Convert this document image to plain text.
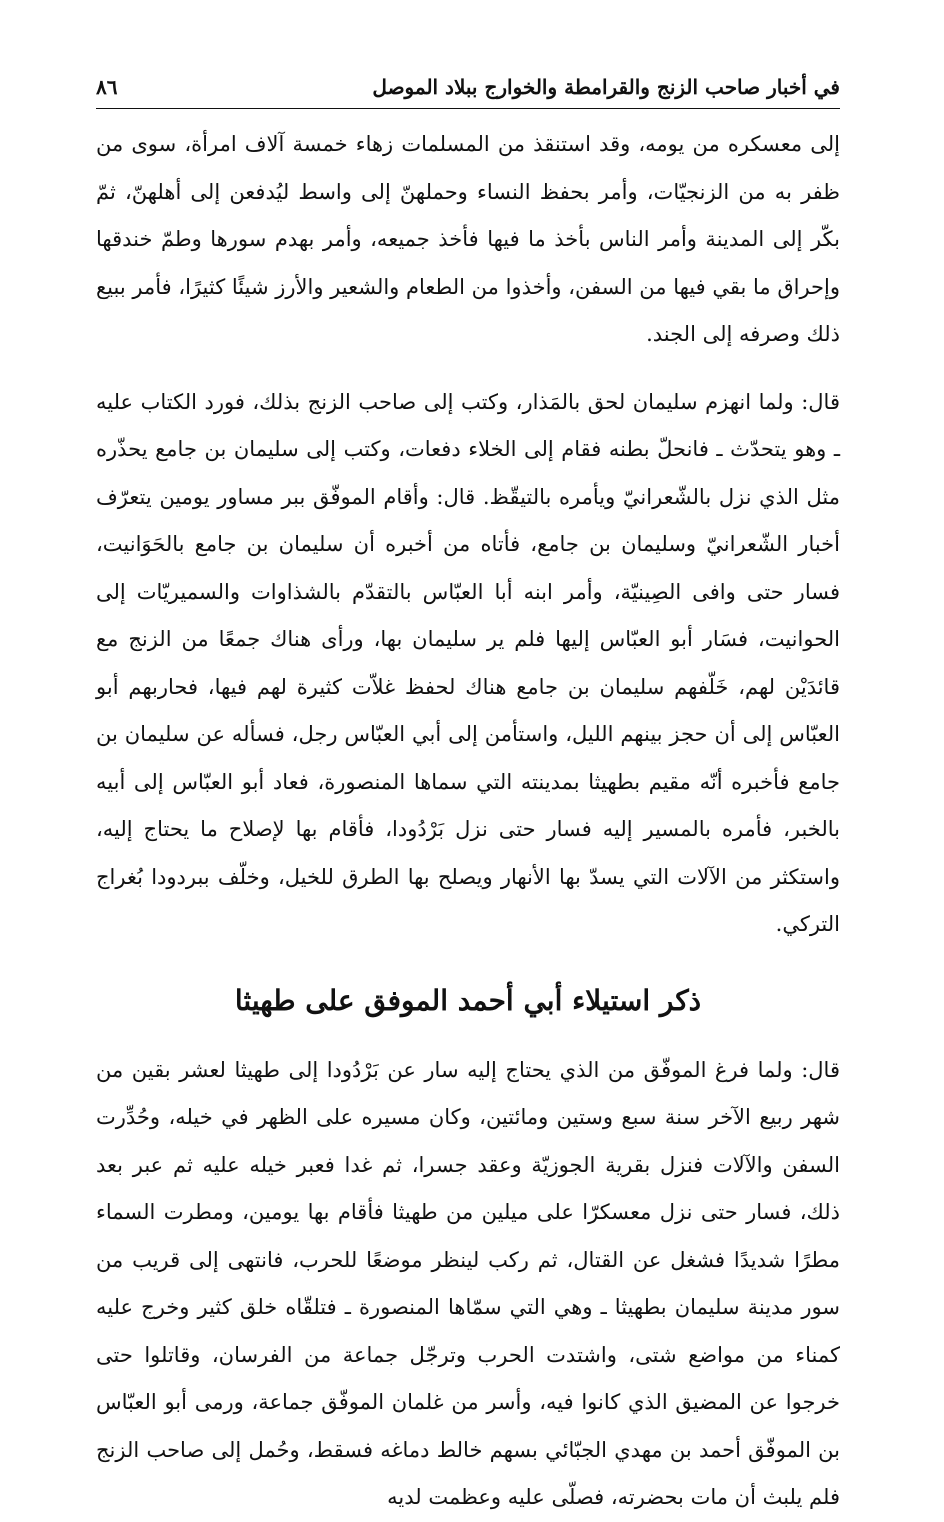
في أخبار صاحب الزنج والقرامطة والخوارج ببلاد الموصل
٨٦

إلى معسكره من يومه، وقد استنقذ من المسلمات زهاء خمسة آلاف امرأة، سوى من ظفر به من الزنجيّات، وأمر بحفظ النساء وحملهنّ إلى واسط ليُدفعن إلى أهلهنّ، ثمّ بكّر إلى المدينة وأمر الناس بأخذ ما فيها فأخذ جميعه، وأمر بهدم سورها وطمّ خندقها وإحراق ما بقي فيها من السفن، وأخذوا من الطعام والشعير والأرز شيئًا كثيرًا، فأمر ببيع ذلك وصرفه إلى الجند.

قال: ولما انهزم سليمان لحق بالمَذار، وكتب إلى صاحب الزنج بذلك، فورد الكتاب عليه ـ وهو يتحدّث ـ فانحلّ بطنه فقام إلى الخلاء دفعات، وكتب إلى سليمان بن جامع يحذّره مثل الذي نزل بالشّعرانيّ ويأمره بالتيقّظ. قال: وأقام الموفّق ببر مساور يومين يتعرّف أخبار الشّعرانيّ وسليمان بن جامع، فأتاه من أخبره أن سليمان بن جامع بالحَوَانيت، فسار حتى وافى الصِينيّة، وأمر ابنه أبا العبّاس بالتقدّم بالشذاوات والسميريّات إلى الحوانيت، فسَار أبو العبّاس إليها فلم ير سليمان بها، ورأى هناك جمعًا من الزنج مع قائدَيْن لهم، خَلّفهم سليمان بن جامع هناك لحفظ غلاّت كثيرة لهم فيها، فحاربهم أبو العبّاس إلى أن حجز بينهم الليل، واستأمن إلى أبي العبّاس رجل، فسأله عن سليمان بن جامع فأخبره أنّه مقيم بطهيثا بمدينته التي سماها المنصورة، فعاد أبو العبّاس إلى أبيه بالخبر، فأمره بالمسير إليه فسار حتى نزل بَرْدُودا، فأقام بها لإصلاح ما يحتاج إليه، واستكثر من الآلات التي يسدّ بها الأنهار ويصلح بها الطرق للخيل، وخلّف ببردودا بُغراج التركي.

ذكر استيلاء أبي أحمد الموفق على طهيثا

قال: ولما فرغ الموفّق من الذي يحتاج إليه سار عن بَرْدُودا إلى طهيثا لعشر بقين من شهر ربيع الآخر سنة سبع وستين ومائتين، وكان مسيره على الظهر في خيله، وحُدِّرت السفن والآلات فنزل بقرية الجوزيّة وعقد جسرا، ثم غدا فعبر خيله عليه ثم عبر بعد ذلك، فسار حتى نزل معسكرّا على ميلين من طهيثا فأقام بها يومين، ومطرت السماء مطرًا شديدًا فشغل عن القتال، ثم ركب لينظر موضعًا للحرب، فانتهى إلى قريب من سور مدينة سليمان بطهيثا ـ وهي التي سمّاها المنصورة ـ فتلقّاه خلق كثير وخرج عليه كمناء من مواضع شتى، واشتدت الحرب وترجّل جماعة من الفرسان، وقاتلوا حتى خرجوا عن المضيق الذي كانوا فيه، وأسر من غلمان الموفّق جماعة، ورمى أبو العبّاس بن الموفّق أحمد بن مهدي الجبّائي بسهم خالط دماغه فسقط، وحُمل إلى صاحب الزنج فلم يلبث أن مات بحضرته، فصلّى عليه وعظمت لديه
